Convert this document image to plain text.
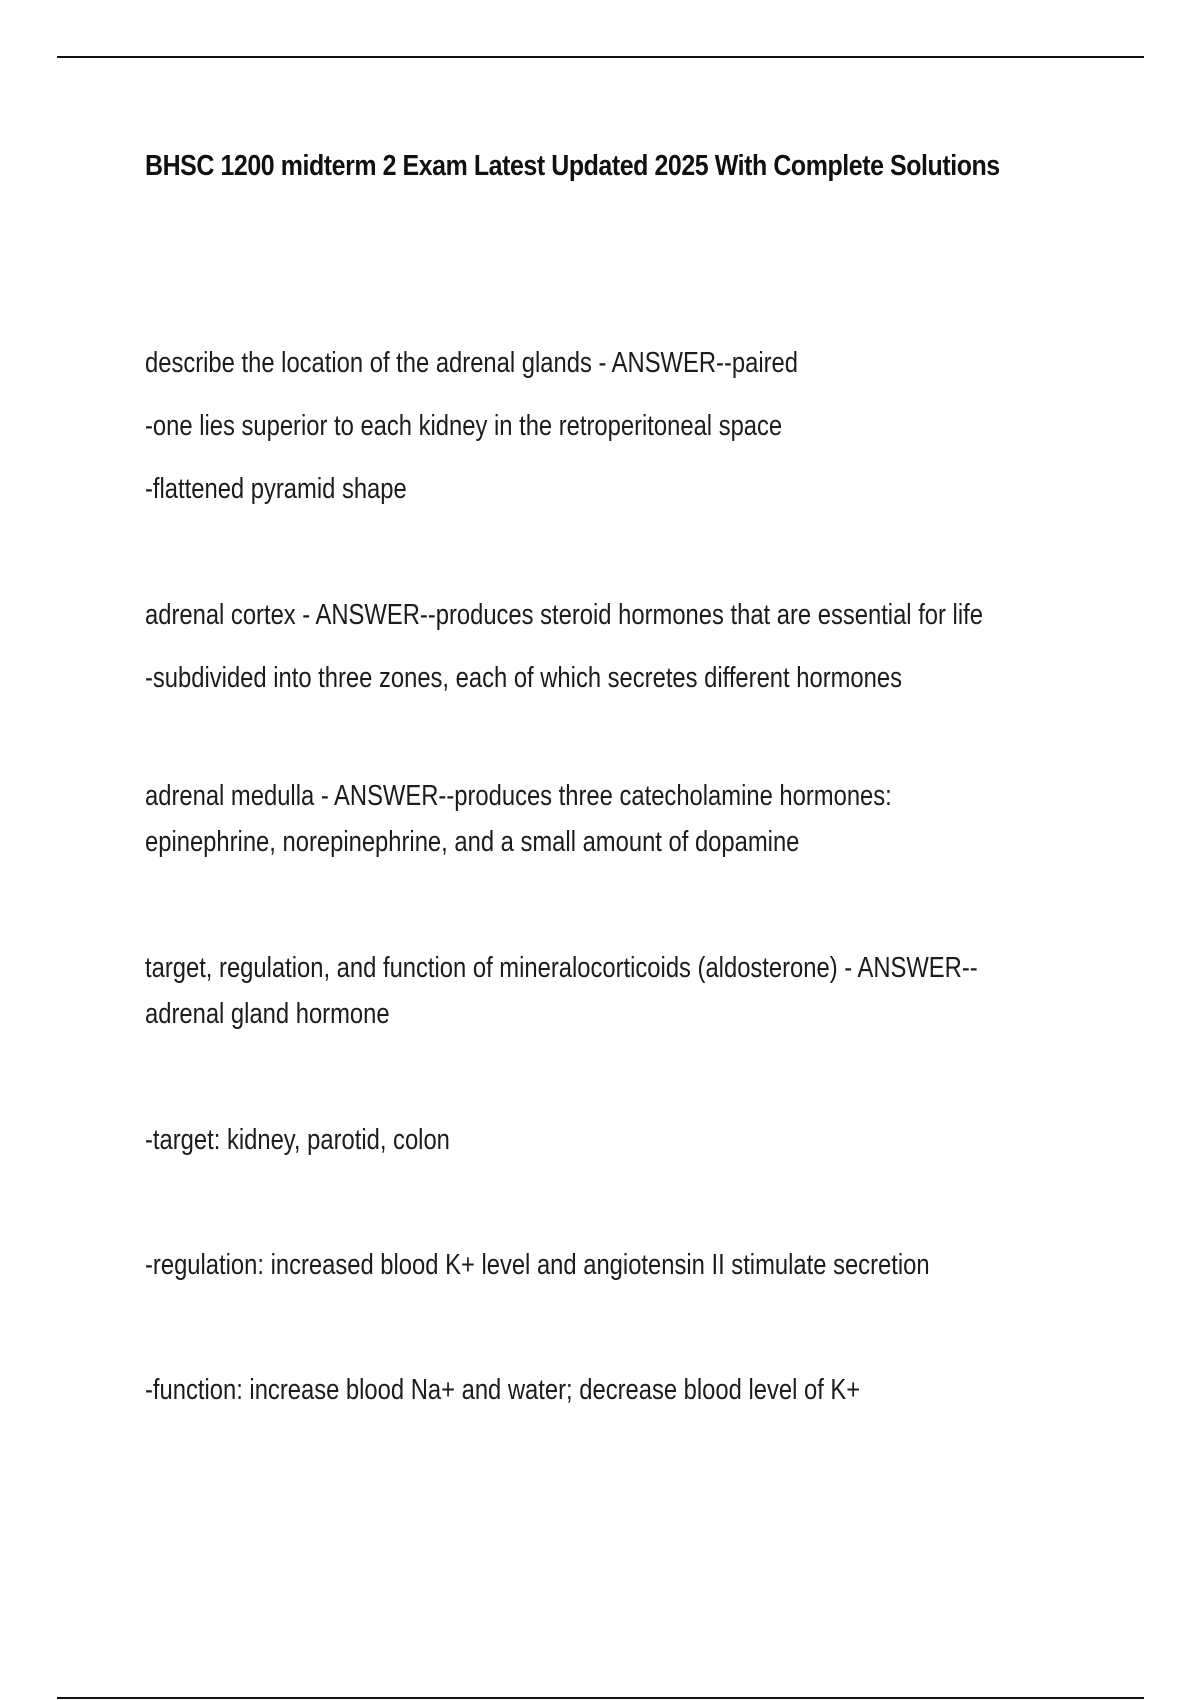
BHSC 1200 midterm 2 Exam Latest Updated 2025 With Complete Solutions
describe the location of the adrenal glands - ANSWER--paired
-one lies superior to each kidney in the retroperitoneal space
-flattened pyramid shape
adrenal cortex - ANSWER--produces steroid hormones that are essential for life
-subdivided into three zones, each of which secretes different hormones
adrenal medulla - ANSWER--produces three catecholamine hormones:
epinephrine, norepinephrine, and a small amount of dopamine
target, regulation, and function of mineralocorticoids (aldosterone) - ANSWER--
adrenal gland hormone
-target: kidney, parotid, colon
-regulation: increased blood K+ level and angiotensin II stimulate secretion
-function: increase blood Na+ and water; decrease blood level of K+
